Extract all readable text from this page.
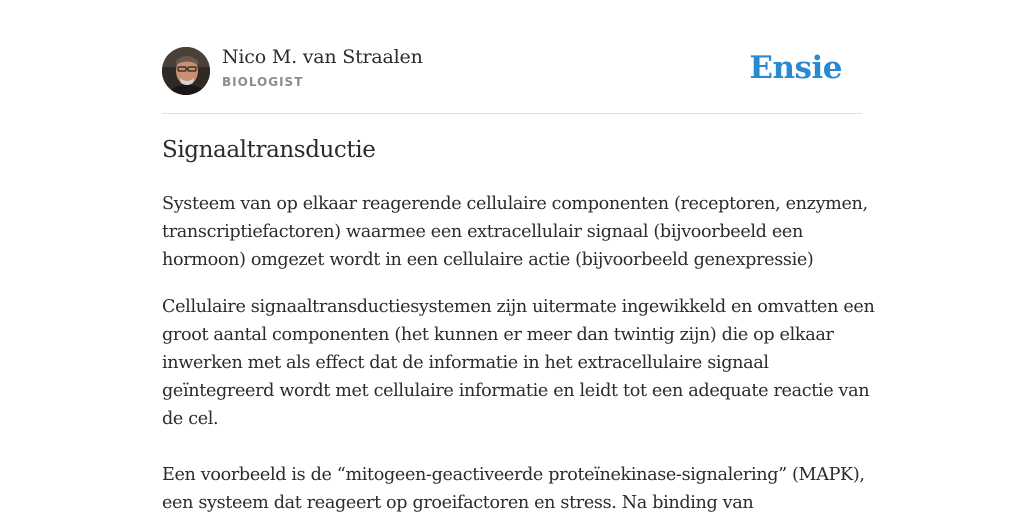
Nico M. van Straalen
BIOLOGIST	Ensie
Signaaltransductie

Systeem van op elkaar reagerende cellulaire componenten (receptoren, enzymen, transcriptiefactoren) waarmee een extracellulair signaal (bijvoorbeeld een hormoon) omgezet wordt in een cellulaire actie (bijvoorbeeld genexpressie)

Cellulaire signaaltransductiesystemen zijn uitermate ingewikkeld en omvatten een groot aantal componenten (het kunnen er meer dan twintig zijn) die op elkaar inwerken met als effect dat de informatie in het extracellulaire signaal geïntegreerd wordt met cellulaire informatie en leidt tot een adequate reactie van de cel.

Een voorbeeld is de “mitogeen-geactiveerde proteïnekinase-signalering” (MAPK), een systeem dat reageert op groeifactoren en stress. Na binding van
